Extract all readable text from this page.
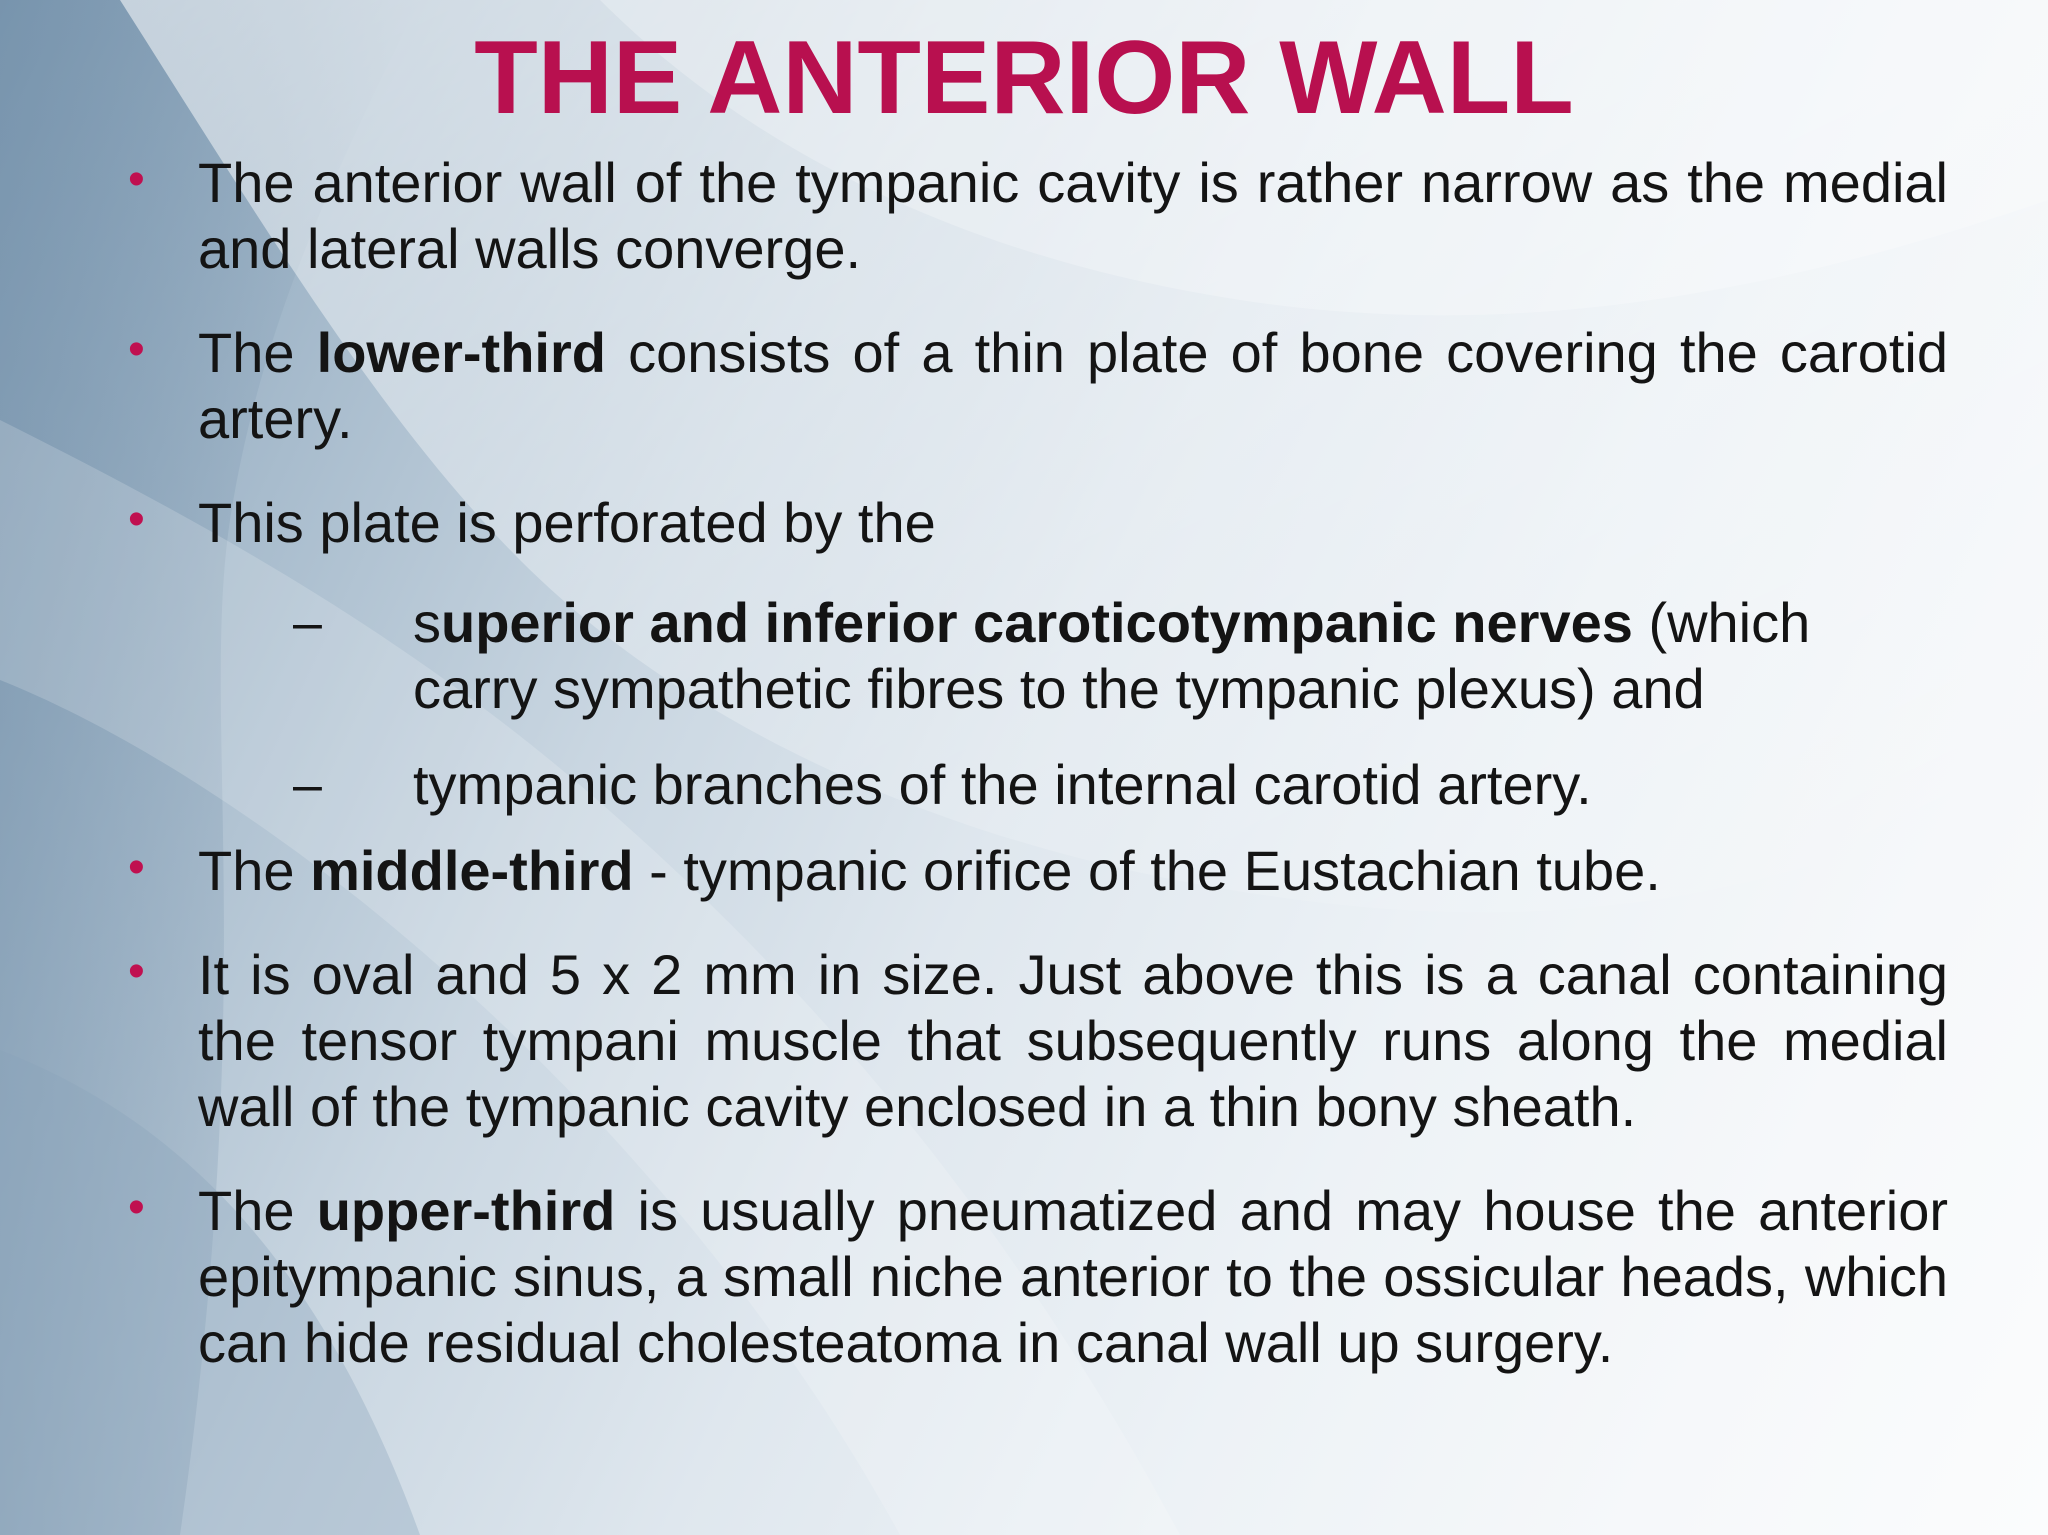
THE ANTERIOR WALL
• The anterior wall of the tympanic cavity is rather narrow as the medial and lateral walls converge.
• The lower-third consists of a thin plate of bone covering the carotid artery.
• This plate is perforated by the
– superior and inferior caroticotympanic nerves (which carry sympathetic fibres to the tympanic plexus) and
– tympanic branches of the internal carotid artery.
• The middle-third - tympanic orifice of the Eustachian tube.
• It is oval and 5 x 2 mm in size. Just above this is a canal containing the tensor tympani muscle that subsequently runs along the medial wall of the tympanic cavity enclosed in a thin bony sheath.
• The upper-third is usually pneumatized and may house the anterior epitympanic sinus, a small niche anterior to the ossicular heads, which can hide residual cholesteatoma in canal wall up surgery.
